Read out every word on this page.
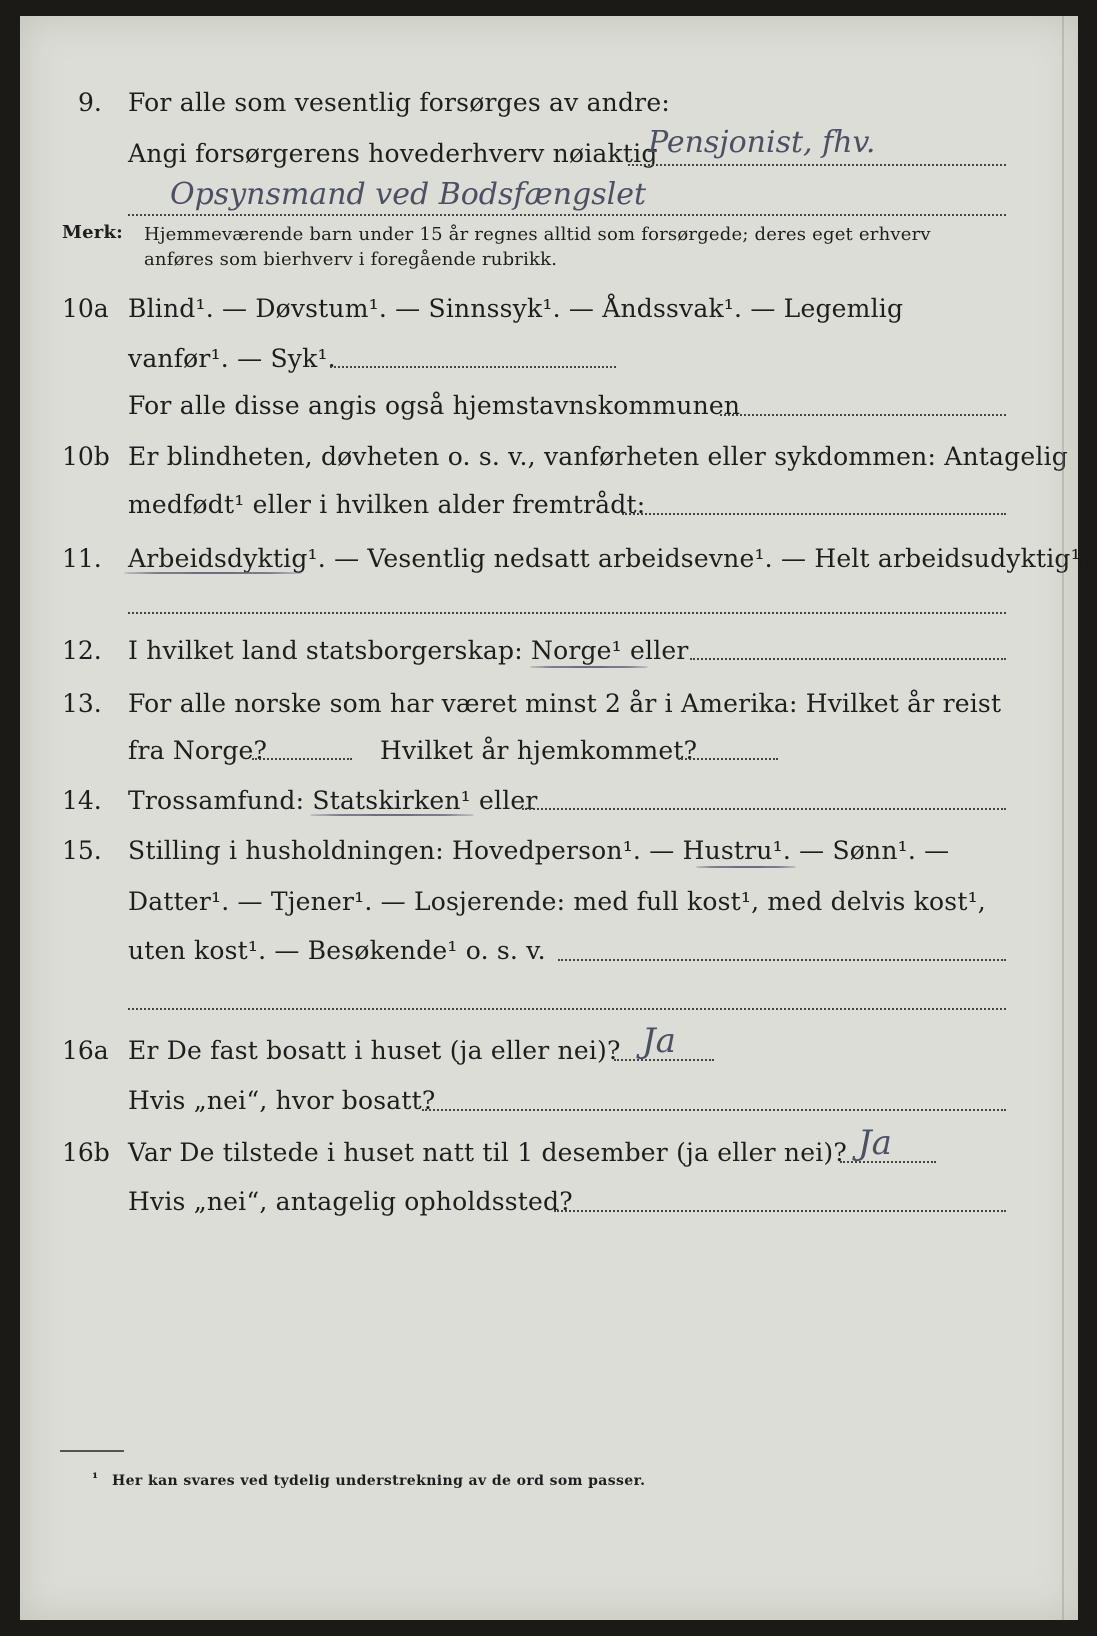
9. For alle som vesentlig forsørges av andre:
Angi forsørgerens hovederhverv nøiaktig
Pensjonist, fhv.
Opsynsmand ved Bodsfængslet
Merk: Hjemmeværende barn under 15 år regnes alltid som forsørgede; deres eget erhverv
anføres som bierhverv i foregående rubrikk.
10a Blind¹. — Døvstum¹. — Sinnssyk¹. — Åndssvak¹. — Legemlig
vanfør¹. — Syk¹.
For alle disse angis også hjemstavnskommunen
10b Er blindheten, døvheten o. s. v., vanførheten eller sykdommen: Antagelig
medfødt¹ eller i hvilken alder fremtrådt:
11. Arbeidsdyktig¹. — Vesentlig nedsatt arbeidsevne¹. — Helt arbeidsudyktig¹.
12. I hvilket land statsborgerskap: Norge¹ eller
13. For alle norske som har været minst 2 år i Amerika: Hvilket år reist
fra Norge?	Hvilket år hjemkommet?
14. Trossamfund: Statskirken¹ eller
15. Stilling i husholdningen: Hovedperson¹. — Hustru¹. — Sønn¹. —
Datter¹. — Tjener¹. — Losjerende: med full kost¹, med delvis kost¹,
uten kost¹. — Besøkende¹ o. s. v.
16a Er De fast bosatt i huset (ja eller nei)? Ja
Hvis „nei“, hvor bosatt?
16b Var De tilstede i huset natt til 1 desember (ja eller nei)? Ja
Hvis „nei“, antagelig opholdssted?
¹ Her kan svares ved tydelig understrekning av de ord som passer.
